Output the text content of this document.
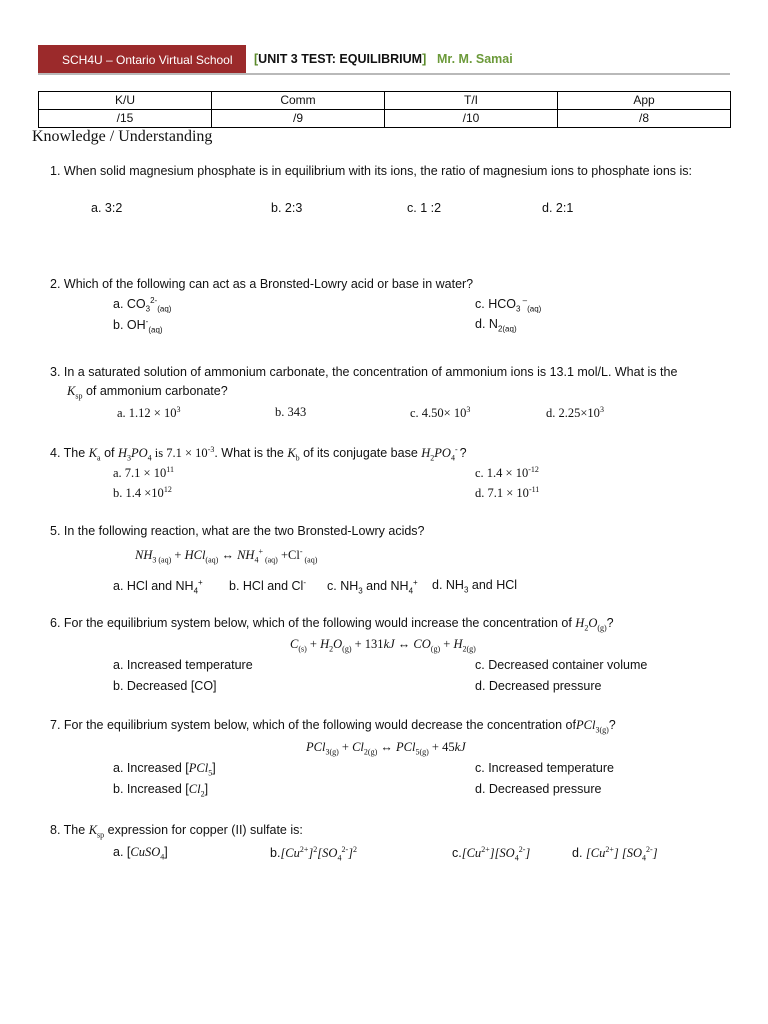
SCH4U – Ontario Virtual School	[UNIT 3 TEST: EQUILIBRIUM] Mr. M. Samai
K/U	Comm	T/I	App
/15	/9	/10	/8
Knowledge / Understanding
1. When solid magnesium phosphate is in equilibrium with its ions, the ratio of magnesium ions to phosphate ions is:
a. 3:2	b. 2:3	c. 1 :2	d. 2:1
2. Which of the following can act as a Bronsted-Lowry acid or base in water?
a. $CO_3^{2-}_{(aq)}$
b. $OH^-_{(aq)}$
c. $HCO_3$ –$_{(aq)}$
d. $N_{2(aq)}$
3. In a saturated solution of ammonium carbonate, the concentration of ammonium ions is 13.1 mol/L. What is the
$K_{sp}$ of ammonium carbonate?
a. $1.12 \times 10^3$	b. 343	c. $4.50\times 10^3$	d. $2.25\times 10^3$
4. The $K_a$ of $H_3PO_4$ is $7.1 \times 10^{-3}$. What is the $K_b$ of its conjugate base $H_2PO_4^-$ ?
a. $7.1 \times 10^{11}$
b. $1.4 \times 10^{12}$
c. $1.4 \times 10^{-12}$
d. $7.1 \times 10^{-11}$
5. In the following reaction, what are the two Bronsted-Lowry acids?
$NH_{3 (aq)} + HCl_{(aq)}$ ↔ $NH_4^+$ $_{(aq)}$ +Cl- $_{(aq)}$
a. HCl and $NH_4^+$ b. HCl and Cl- c. $NH_3$ and $NH_4^+$ d. $NH_3$ and HCl
6. For the equilibrium system below, which of the following would increase the concentration of $H_2O_{(g)}$?
$C_{(s)} + H_2O_{(g)} + 131kJ$ ↔ $CO_{(g)} + H_{2(g)}$
a. Increased temperature
b. Decreased [CO]
c. Decreased container volume
d. Decreased pressure
7. For the equilibrium system below, which of the following would decrease the concentration ofPCl$_{3(g)}$?
$PCl_{3(g)} + Cl_{2(g)}$ ↔ PCl$_{5(g)}$ + 45kJ
a. Increased [PCl$_5$]
b. Increased $[Cl_2]$
c. Increased temperature
d. Decreased pressure
8. The $K_{sp}$ expression for copper (II) sulfate is:
a. [CuSO$_4$]	$b.[Cu^{2+}]^2[SO_4^{2-}]^2$	$c.[Cu^{2+}][SO_4^{2-}]$	d. $[Cu^{2+}]$ $[SO_4^{2-}]$
